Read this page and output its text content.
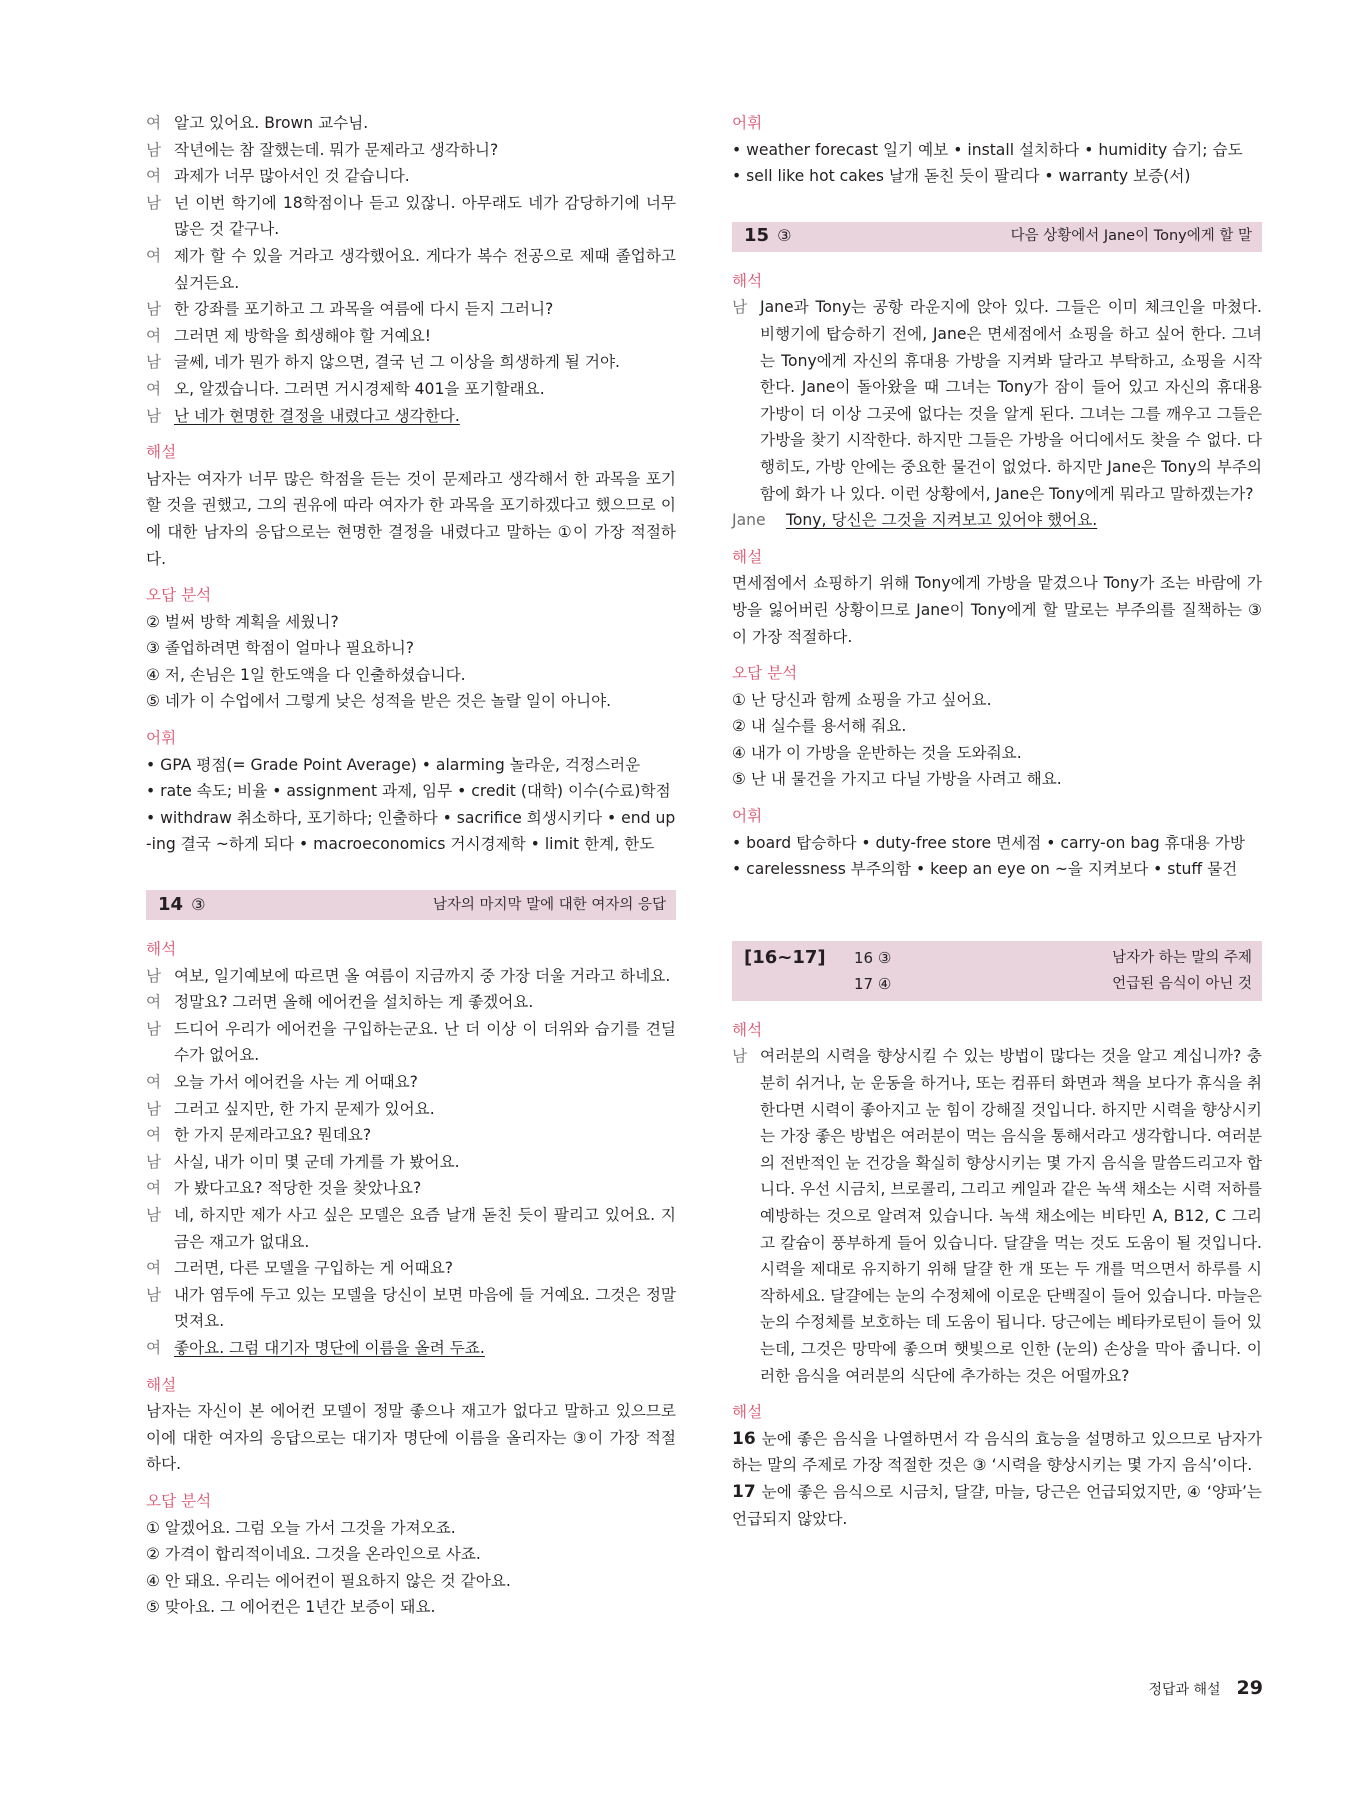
여 알고 있어요. Brown 교수님.
남 작년에는 참 잘했는데. 뭐가 문제라고 생각하니?
여 과제가 너무 많아서인 것 같습니다.
남 넌 이번 학기에 18학점이나 듣고 있잖니. 아무래도 네가 감당하기에 너무 많은 것 같구나.
여 제가 할 수 있을 거라고 생각했어요. 게다가 복수 전공으로 제때 졸업하고 싶거든요.
남 한 강좌를 포기하고 그 과목을 여름에 다시 듣지 그러니?
여 그러면 제 방학을 희생해야 할 거예요!
남 글쎄, 네가 뭔가 하지 않으면, 결국 넌 그 이상을 희생하게 될 거야.
여 오, 알겠습니다. 그러면 거시경제학 401을 포기할래요.
남 난 네가 현명한 결정을 내렸다고 생각한다.
해설
남자는 여자가 너무 많은 학점을 듣는 것이 문제라고 생각해서 한 과목을 포기할 것을 권했고, 그의 권유에 따라 여자가 한 과목을 포기하겠다고 했으므로 이에 대한 남자의 응답으로는 현명한 결정을 내렸다고 말하는 ①이 가장 적절하다.
오답 분석
② 벌써 방학 계획을 세웠니?
③ 졸업하려면 학점이 얼마나 필요하니?
④ 저, 손님은 1일 한도액을 다 인출하셨습니다.
⑤ 네가 이 수업에서 그렇게 낮은 성적을 받은 것은 놀랄 일이 아니야.
어휘
• GPA 평점(= Grade Point Average) • alarming 놀라운, 걱정스러운
• rate 속도; 비율 • assignment 과제, 임무 • credit (대학) 이수(수료)학점
• withdraw 취소하다, 포기하다; 인출하다 • sacrifice 희생시키다 • end up
-ing 결국 ~하게 되다 • macroeconomics 거시경제학 • limit 한계, 한도
14 ③	남자의 마지막 말에 대한 여자의 응답
해석
남 여보, 일기예보에 따르면 올 여름이 지금까지 중 가장 더울 거라고 하네요.
여 정말요? 그러면 올해 에어컨을 설치하는 게 좋겠어요.
남 드디어 우리가 에어컨을 구입하는군요. 난 더 이상 이 더위와 습기를 견딜 수가 없어요.
여 오늘 가서 에어컨을 사는 게 어때요?
남 그러고 싶지만, 한 가지 문제가 있어요.
여 한 가지 문제라고요? 뭔데요?
남 사실, 내가 이미 몇 군데 가게를 가 봤어요.
여 가 봤다고요? 적당한 것을 찾았나요?
남 네, 하지만 제가 사고 싶은 모델은 요즘 날개 돋친 듯이 팔리고 있어요. 지금은 재고가 없대요.
여 그러면, 다른 모델을 구입하는 게 어때요?
남 내가 염두에 두고 있는 모델을 당신이 보면 마음에 들 거예요. 그것은 정말 멋져요.
여 좋아요. 그럼 대기자 명단에 이름을 올려 두죠.
해설
남자는 자신이 본 에어컨 모델이 정말 좋으나 재고가 없다고 말하고 있으므로 이에 대한 여자의 응답으로는 대기자 명단에 이름을 올리자는 ③이 가장 적절하다.
오답 분석
① 알겠어요. 그럼 오늘 가서 그것을 가져오죠.
② 가격이 합리적이네요. 그것을 온라인으로 사죠.
④ 안 돼요. 우리는 에어컨이 필요하지 않은 것 같아요.
⑤ 맞아요. 그 에어컨은 1년간 보증이 돼요.
어휘
• weather forecast 일기 예보 • install 설치하다 • humidity 습기; 습도
• sell like hot cakes 날개 돋친 듯이 팔리다 • warranty 보증(서)
15 ③	다음 상황에서 Jane이 Tony에게 할 말
해석
남 Jane과 Tony는 공항 라운지에 앉아 있다. 그들은 이미 체크인을 마쳤다. 비행기에 탑승하기 전에, Jane은 면세점에서 쇼핑을 하고 싶어 한다. 그녀는 Tony에게 자신의 휴대용 가방을 지켜봐 달라고 부탁하고, 쇼핑을 시작한다. Jane이 돌아왔을 때 그녀는 Tony가 잠이 들어 있고 자신의 휴대용 가방이 더 이상 그곳에 없다는 것을 알게 된다. 그녀는 그를 깨우고 그들은 가방을 찾기 시작한다. 하지만 그들은 가방을 어디에서도 찾을 수 없다. 다행히도, 가방 안에는 중요한 물건이 없었다. 하지만 Jane은 Tony의 부주의함에 화가 나 있다. 이런 상황에서, Jane은 Tony에게 뭐라고 말하겠는가?
Jane	Tony, 당신은 그것을 지켜보고 있어야 했어요.
해설
면세점에서 쇼핑하기 위해 Tony에게 가방을 맡겼으나 Tony가 조는 바람에 가방을 잃어버린 상황이므로 Jane이 Tony에게 할 말로는 부주의를 질책하는 ③이 가장 적절하다.
오답 분석
① 난 당신과 함께 쇼핑을 가고 싶어요.
② 내 실수를 용서해 줘요.
④ 내가 이 가방을 운반하는 것을 도와줘요.
⑤ 난 내 물건을 가지고 다닐 가방을 사려고 해요.
어휘
• board 탑승하다 • duty-free store 면세점 • carry-on bag 휴대용 가방
• carelessness 부주의함 • keep an eye on ~을 지켜보다 • stuff 물건
[16~17]	16 ③	남자가 하는 말의 주제
17 ④	언급된 음식이 아닌 것
해석
남 여러분의 시력을 향상시킬 수 있는 방법이 많다는 것을 알고 계십니까? 충분히 쉬거나, 눈 운동을 하거나, 또는 컴퓨터 화면과 책을 보다가 휴식을 취한다면 시력이 좋아지고 눈 힘이 강해질 것입니다. 하지만 시력을 향상시키는 가장 좋은 방법은 여러분이 먹는 음식을 통해서라고 생각합니다. 여러분의 전반적인 눈 건강을 확실히 향상시키는 몇 가지 음식을 말씀드리고자 합니다. 우선 시금치, 브로콜리, 그리고 케일과 같은 녹색 채소는 시력 저하를 예방하는 것으로 알려져 있습니다. 녹색 채소에는 비타민 A, B12, C 그리고 칼슘이 풍부하게 들어 있습니다. 달걀을 먹는 것도 도움이 될 것입니다. 시력을 제대로 유지하기 위해 달걀 한 개 또는 두 개를 먹으면서 하루를 시작하세요. 달걀에는 눈의 수정체에 이로운 단백질이 들어 있습니다. 마늘은 눈의 수정체를 보호하는 데 도움이 됩니다. 당근에는 베타카로틴이 들어 있는데, 그것은 망막에 좋으며 햇빛으로 인한 (눈의) 손상을 막아 줍니다. 이러한 음식을 여러분의 식단에 추가하는 것은 어떨까요?
해설
16 눈에 좋은 음식을 나열하면서 각 음식의 효능을 설명하고 있으므로 남자가 하는 말의 주제로 가장 적절한 것은 ③ ‘시력을 향상시키는 몇 가지 음식’이다.
17 눈에 좋은 음식으로 시금치, 달걀, 마늘, 당근은 언급되었지만, ④ ‘양파’는 언급되지 않았다.
정답과 해설 29
